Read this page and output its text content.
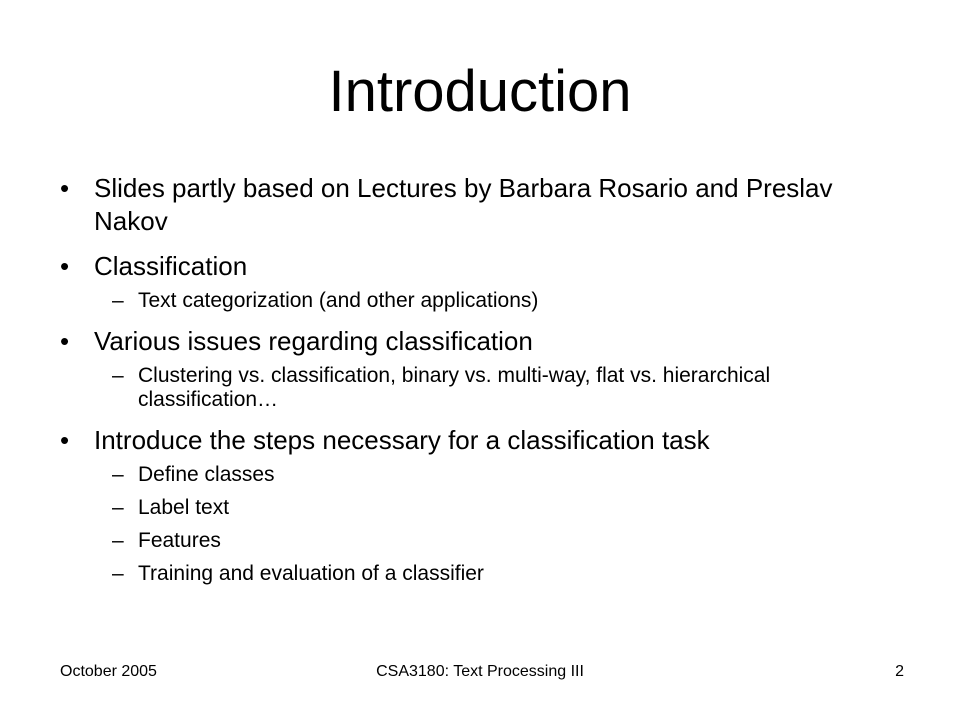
Introduction
• Slides partly based on Lectures by Barbara Rosario and Preslav Nakov
• Classification
– Text categorization (and other applications)
• Various issues regarding classification
– Clustering vs. classification, binary vs. multi-way, flat vs. hierarchical classification…
• Introduce the steps necessary for a classification task
– Define classes
– Label text
– Features
– Training and evaluation of a classifier
October 2005	CSA3180: Text Processing III	2
